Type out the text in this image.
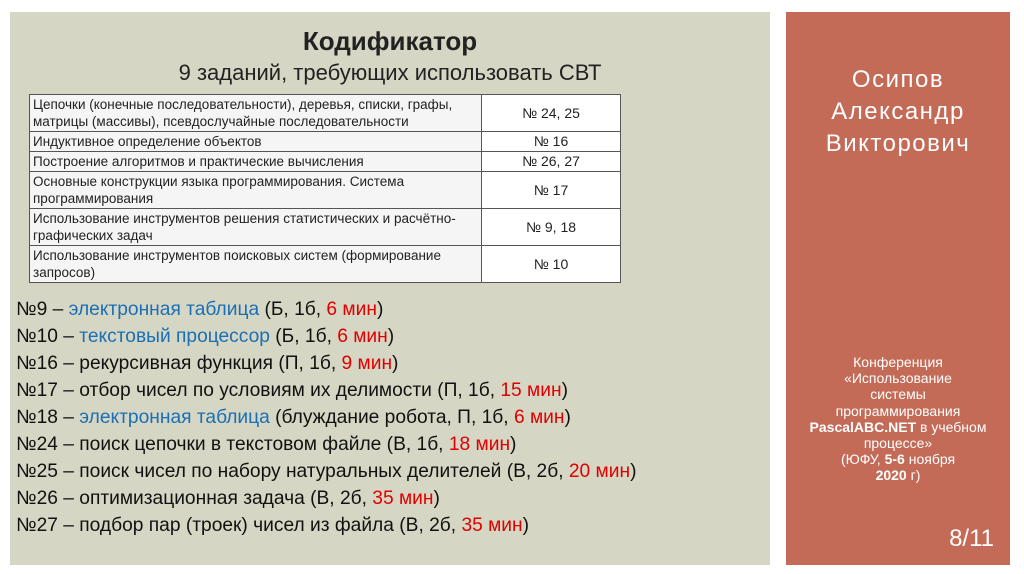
Кодификатор
9 заданий, требующих использовать СВТ
Цепочки (конечные последовательности), деревья, списки, графы, матрицы (массивы), псевдослучайные последовательности	№ 24, 25
Индуктивное определение объектов	№ 16
Построение алгоритмов и практические вычисления	№ 26, 27
Основные конструкции языка программирования. Система программирования	№ 17
Использование инструментов решения статистических и расчётно-графических задач	№ 9, 18
Использование инструментов поисковых систем (формирование запросов)	№ 10
№9 – электронная таблица (Б, 1б, 6 мин)
№10 – текстовый процессор (Б, 1б, 6 мин)
№16 – рекурсивная функция (П, 1б, 9 мин)
№17 – отбор чисел по условиям их делимости (П, 1б, 15 мин)
№18 – электронная таблица (блуждание робота, П, 1б, 6 мин)
№24 – поиск цепочки в текстовом файле (В, 1б, 18 мин)
№25 – поиск чисел по набору натуральных делителей (В, 2б, 20 мин)
№26 – оптимизационная задача (В, 2б, 35 мин)
№27 – подбор пар (троек) чисел из файла (В, 2б, 35 мин)
Осипов
Александр
Викторович
Конференция
«Использование
системы
программирования
PascalABC.NET в учебном
процессе»
(ЮФУ, 5-6 ноября
2020 г)
8/11
